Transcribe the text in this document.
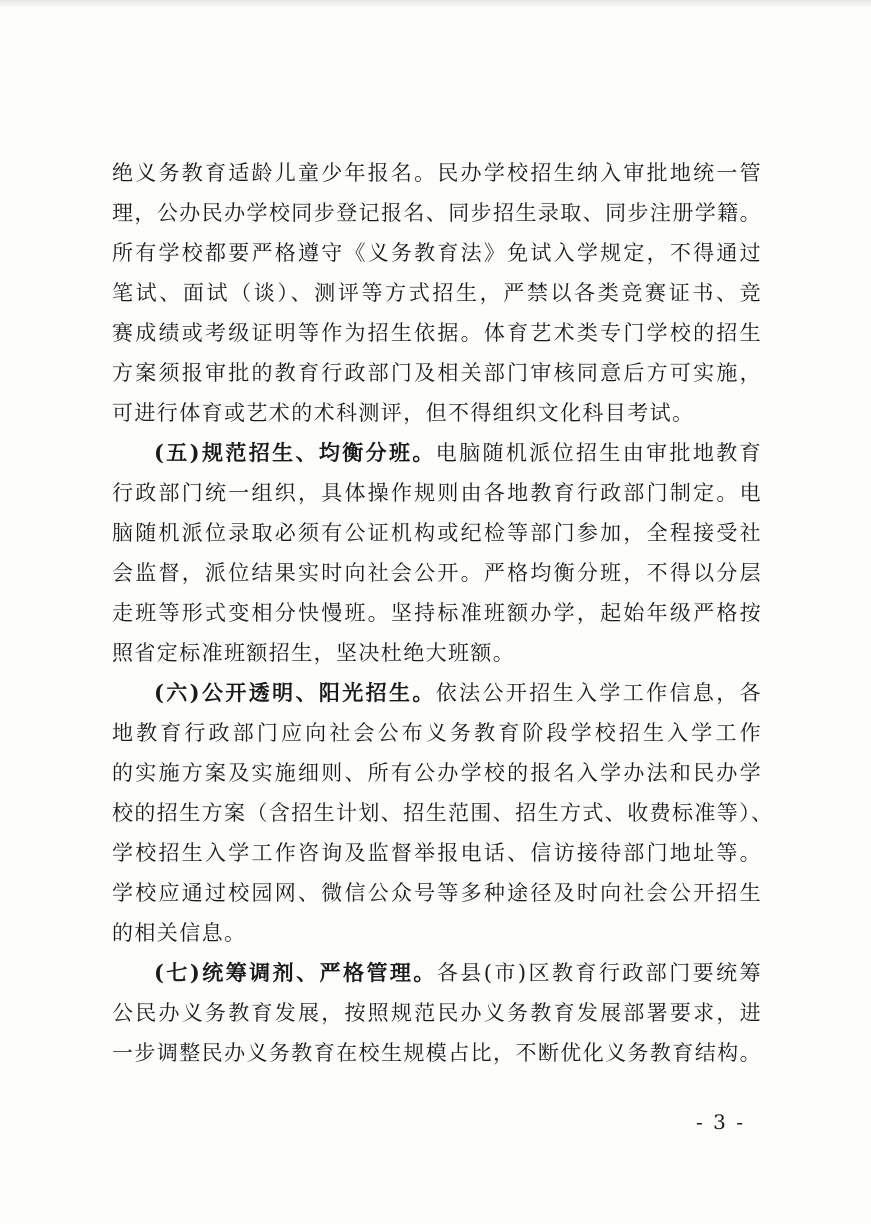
绝义务教育适龄儿童少年报名。民办学校招生纳入审批地统一管
理，公办民办学校同步登记报名、同步招生录取、同步注册学籍。
所有学校都要严格遵守《义务教育法》免试入学规定，不得通过
笔试、面试（谈）、测评等方式招生，严禁以各类竞赛证书、竞
赛成绩或考级证明等作为招生依据。体育艺术类专门学校的招生
方案须报审批的教育行政部门及相关部门审核同意后方可实施，
可进行体育或艺术的术科测评，但不得组织文化科目考试。
(五)规范招生、均衡分班。电脑随机派位招生由审批地教育
行政部门统一组织，具体操作规则由各地教育行政部门制定。电
脑随机派位录取必须有公证机构或纪检等部门参加，全程接受社
会监督，派位结果实时向社会公开。严格均衡分班，不得以分层
走班等形式变相分快慢班。坚持标准班额办学，起始年级严格按
照省定标准班额招生，坚决杜绝大班额。
(六)公开透明、阳光招生。依法公开招生入学工作信息，各
地教育行政部门应向社会公布义务教育阶段学校招生入学工作
的实施方案及实施细则、所有公办学校的报名入学办法和民办学
校的招生方案（含招生计划、招生范围、招生方式、收费标准等）、
学校招生入学工作咨询及监督举报电话、信访接待部门地址等。
学校应通过校园网、微信公众号等多种途径及时向社会公开招生
的相关信息。
(七)统筹调剂、严格管理。各县(市)区教育行政部门要统筹
公民办义务教育发展，按照规范民办义务教育发展部署要求，进
一步调整民办义务教育在校生规模占比，不断优化义务教育结构。
- 3 -
